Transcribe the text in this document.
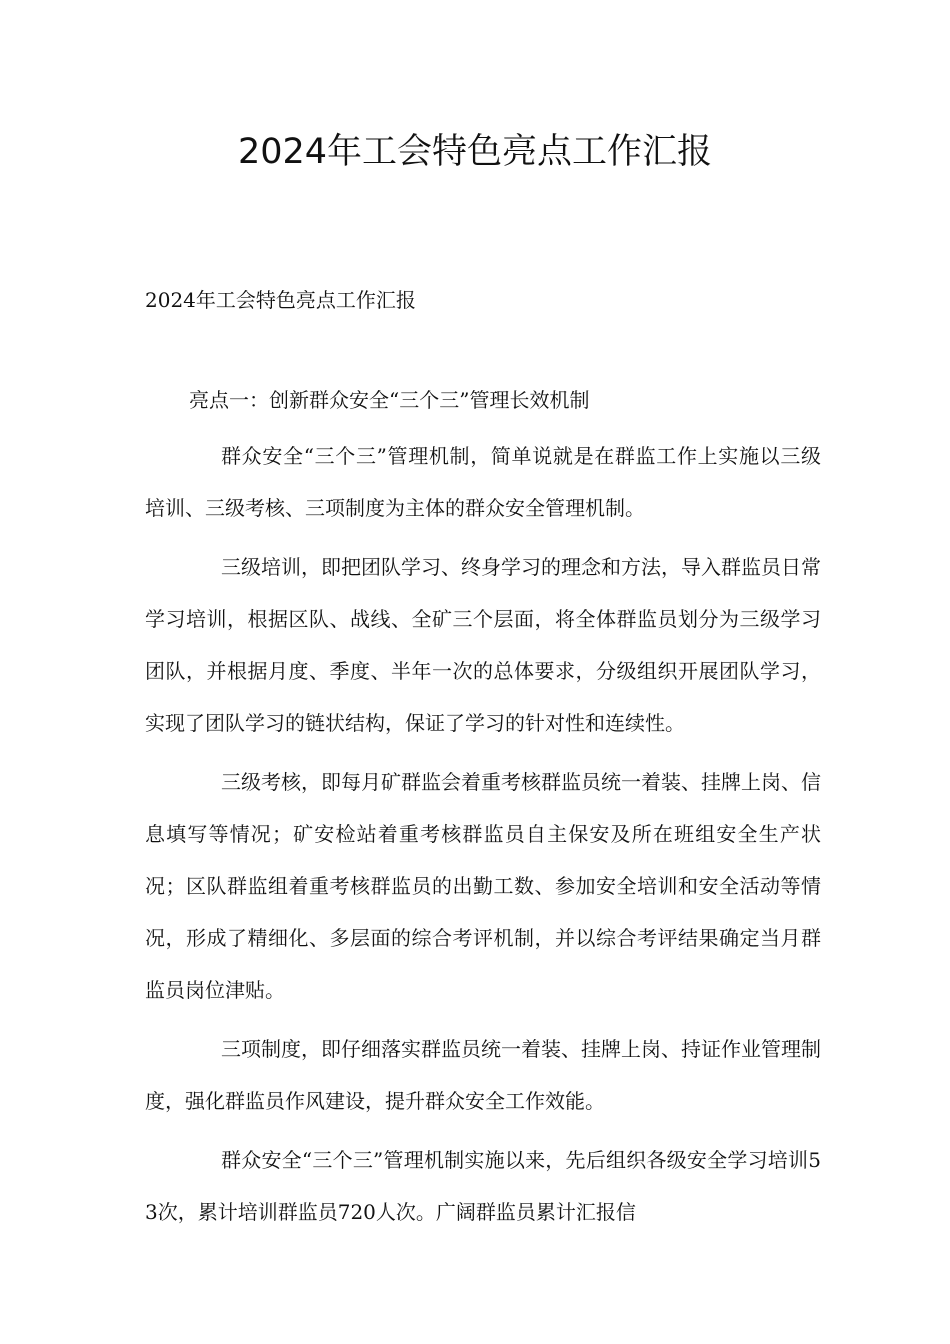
2024年工会特色亮点工作汇报

2024年工会特色亮点工作汇报

亮点一：创新群众安全“三个三”管理长效机制

群众安全“三个三”管理机制，简单说就是在群监工作上实施以三级培训、三级考核、三项制度为主体的群众安全管理机制。

三级培训，即把团队学习、终身学习的理念和方法，导入群监员日常学习培训，根据区队、战线、全矿三个层面，将全体群监员划分为三级学习团队，并根据月度、季度、半年一次的总体要求，分级组织开展团队学习，实现了团队学习的链状结构，保证了学习的针对性和连续性。

三级考核，即每月矿群监会着重考核群监员统一着装、挂牌上岗、信息填写等情况；矿安检站着重考核群监员自主保安及所在班组安全生产状况；区队群监组着重考核群监员的出勤工数、参加安全培训和安全活动等情况，形成了精细化、多层面的综合考评机制，并以综合考评结果确定当月群监员岗位津贴。

三项制度，即仔细落实群监员统一着装、挂牌上岗、持证作业管理制度，强化群监员作风建设，提升群众安全工作效能。

群众安全“三个三”管理机制实施以来，先后组织各级安全学习培训53次，累计培训群监员720人次。广阔群监员累计汇报信
